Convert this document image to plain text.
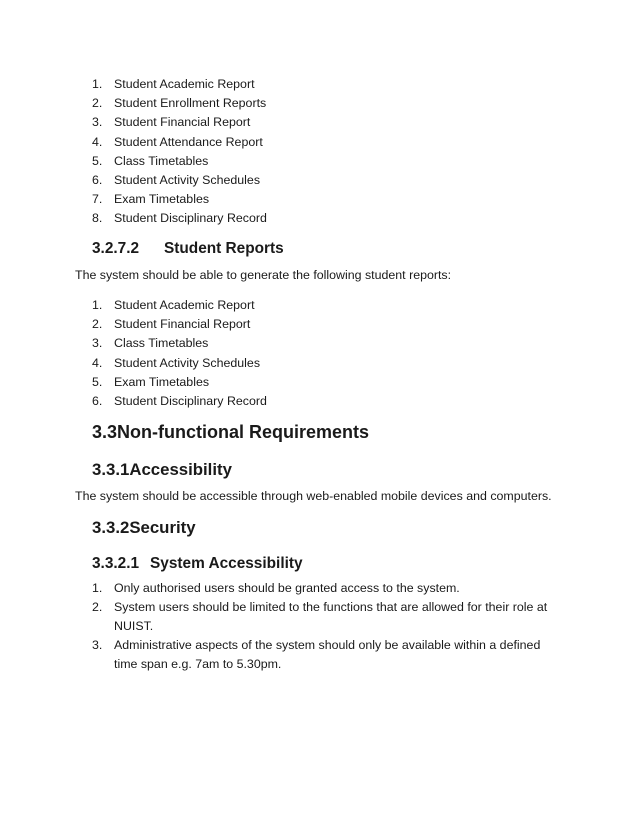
1. Student Academic Report
2. Student Enrollment Reports
3. Student Financial Report
4. Student Attendance Report
5. Class Timetables
6. Student Activity Schedules
7. Exam Timetables
8. Student Disciplinary Record
3.2.7.2 Student Reports
The system should be able to generate the following student reports:
1. Student Academic Report
2. Student Financial Report
3. Class Timetables
4. Student Activity Schedules
5. Exam Timetables
6. Student Disciplinary Record
3.3Non-functional Requirements
3.3.1Accessibility
The system should be accessible through web-enabled mobile devices and computers.
3.3.2Security
3.3.2.1 System Accessibility
1. Only authorised users should be granted access to the system.
2. System users should be limited to the functions that are allowed for their role at NUIST.
3. Administrative aspects of the system should only be available within a defined time span e.g. 7am to 5.30pm.
